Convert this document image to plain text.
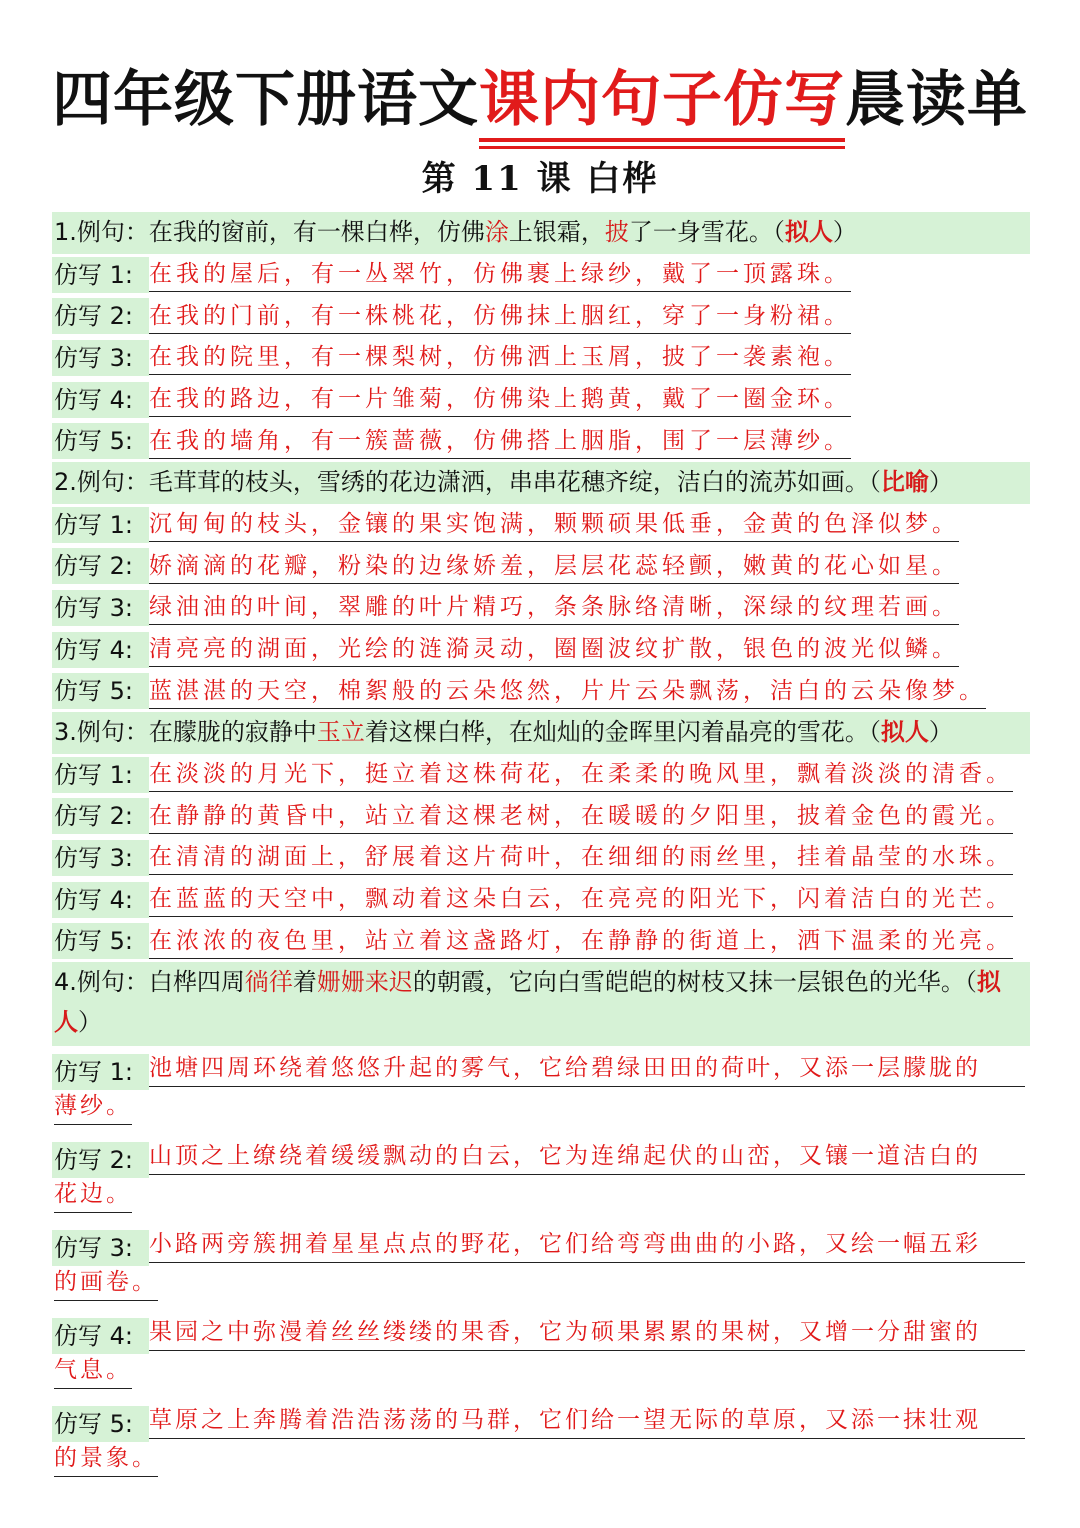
四年级下册语文课内句子仿写晨读单
第 11 课 白桦
1.例句：在我的窗前，有一棵白桦，仿佛涂上银霜，披了一身雪花。（拟人）
仿写 1: 在我的屋后，有一丛翠竹，仿佛裹上绿纱，戴了一顶露珠。
仿写 2: 在我的门前，有一株桃花，仿佛抹上胭红，穿了一身粉裙。
仿写 3: 在我的院里，有一棵梨树，仿佛洒上玉屑，披了一袭素袍。
仿写 4: 在我的路边，有一片雏菊，仿佛染上鹅黄，戴了一圈金环。
仿写 5: 在我的墙角，有一簇蔷薇，仿佛搭上胭脂，围了一层薄纱。
2.例句：毛茸茸的枝头，雪绣的花边潇洒，串串花穗齐绽，洁白的流苏如画。（比喻）
仿写 1: 沉甸甸的枝头，金镶的果实饱满，颗颗硕果低垂，金黄的色泽似梦。
仿写 2: 娇滴滴的花瓣，粉染的边缘娇羞，层层花蕊轻颤，嫩黄的花心如星。
仿写 3: 绿油油的叶间，翠雕的叶片精巧，条条脉络清晰，深绿的纹理若画。
仿写 4: 清亮亮的湖面，光绘的涟漪灵动，圈圈波纹扩散，银色的波光似鳞。
仿写 5: 蓝湛湛的天空，棉絮般的云朵悠然，片片云朵飘荡，洁白的云朵像梦。
3.例句：在朦胧的寂静中玉立着这棵白桦，在灿灿的金晖里闪着晶亮的雪花。（拟人）
仿写 1: 在淡淡的月光下，挺立着这株荷花，在柔柔的晚风里，飘着淡淡的清香。
仿写 2: 在静静的黄昏中，站立着这棵老树，在暖暖的夕阳里，披着金色的霞光。
仿写 3: 在清清的湖面上，舒展着这片荷叶，在细细的雨丝里，挂着晶莹的水珠。
仿写 4: 在蓝蓝的天空中，飘动着这朵白云，在亮亮的阳光下，闪着洁白的光芒。
仿写 5: 在浓浓的夜色里，站立着这盏路灯，在静静的街道上，洒下温柔的光亮。
4.例句：白桦四周徜徉着姗姗来迟的朝霞，它向白雪皑皑的树枝又抹一层银色的光华。（拟人）
仿写 1: 池塘四周环绕着悠悠升起的雾气，它给碧绿田田的荷叶，又添一层朦胧的
薄纱。
仿写 2: 山顶之上缭绕着缓缓飘动的白云，它为连绵起伏的山峦，又镶一道洁白的
花边。
仿写 3: 小路两旁簇拥着星星点点的野花，它们给弯弯曲曲的小路，又绘一幅五彩
的画卷。
仿写 4: 果园之中弥漫着丝丝缕缕的果香，它为硕果累累的果树，又增一分甜蜜的
气息。
仿写 5: 草原之上奔腾着浩浩荡荡的马群，它们给一望无际的草原，又添一抹壮观
的景象。
